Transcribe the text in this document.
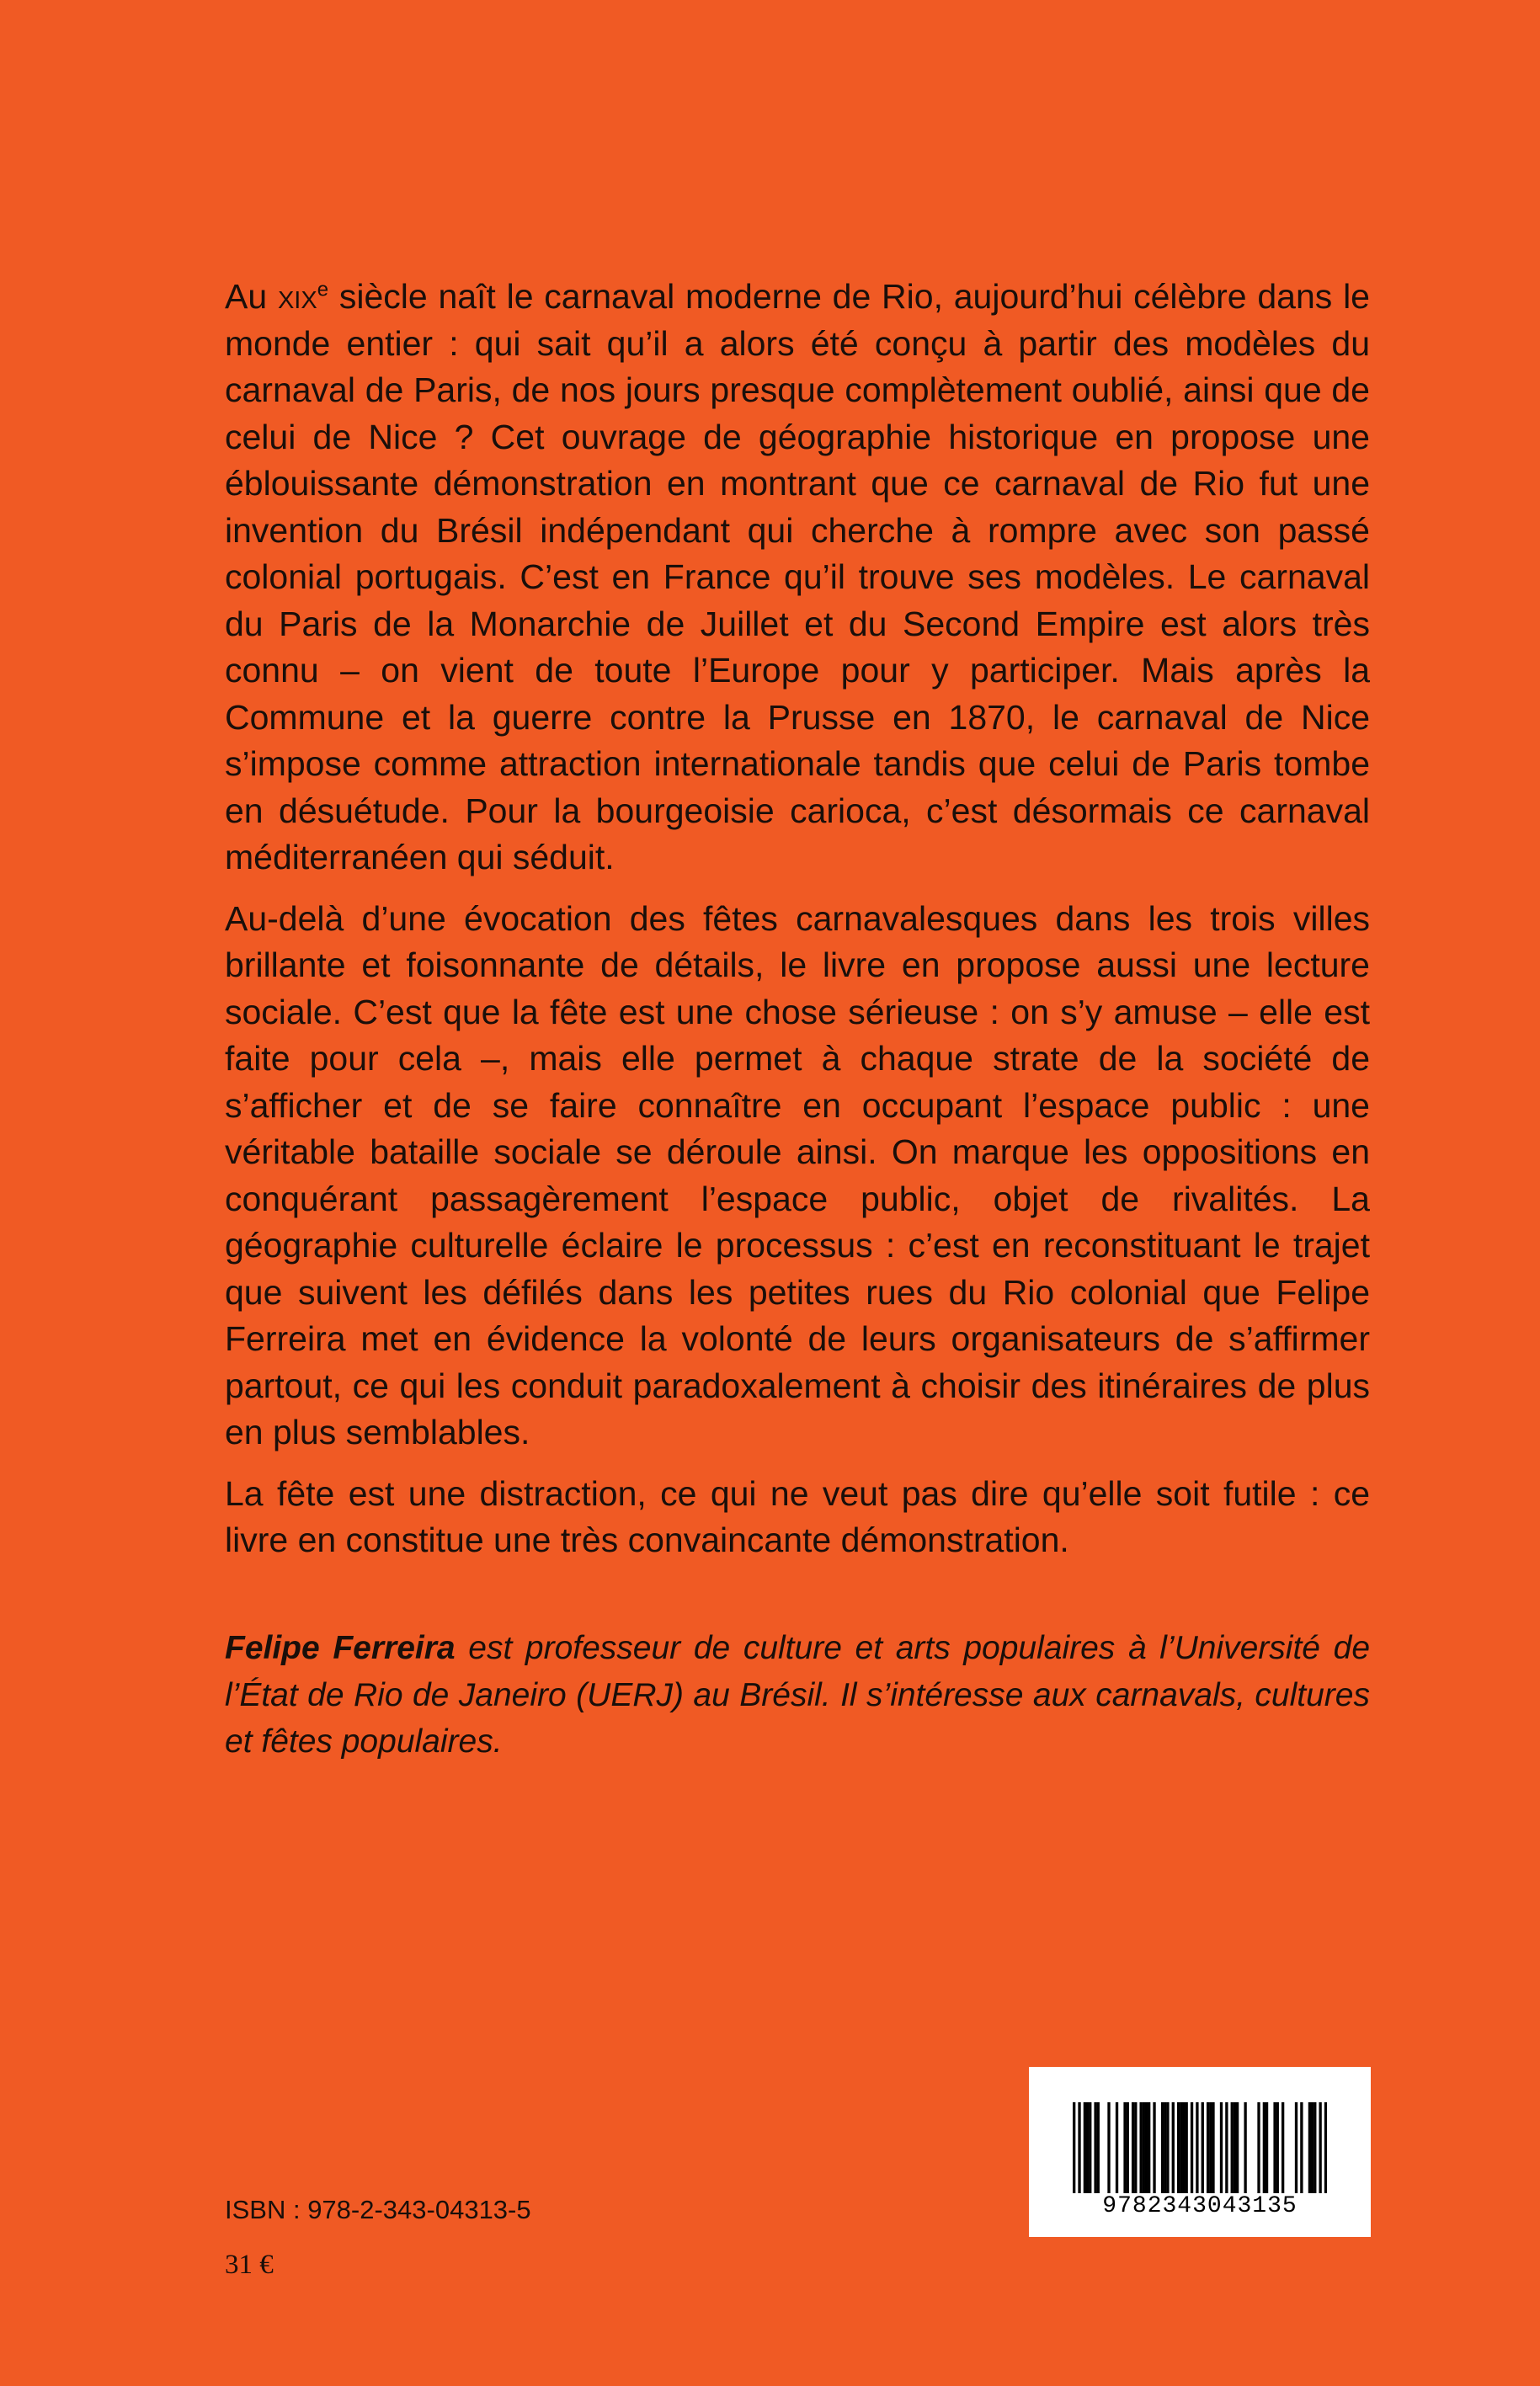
Au xix$^e$ siècle naît le carnaval moderne de Rio, aujourd’hui célèbre dans le monde entier : qui sait qu’il a alors été conçu à partir des modèles du carnaval de Paris, de nos jours presque complètement oublié, ainsi que de celui de Nice ? Cet ouvrage de géographie historique en propose une éblouissante démonstration en montrant que ce carnaval de Rio fut une invention du Brésil indépendant qui cherche à rompre avec son passé colonial portugais. C’est en France qu’il trouve ses modèles. Le carnaval du Paris de la Monarchie de Juillet et du Second Empire est alors très connu – on vient de toute l’Europe pour y participer. Mais après la Commune et la guerre contre la Prusse en 1870, le carnaval de Nice s’impose comme attraction internationale tandis que celui de Paris tombe en désuétude. Pour la bourgeoisie carioca, c’est désormais ce carnaval méditerranéen qui séduit.

Au-delà d’une évocation des fêtes carnavalesques dans les trois villes brillante et foisonnante de détails, le livre en propose aussi une lecture sociale. C’est que la fête est une chose sérieuse : on s’y amuse – elle est faite pour cela –, mais elle permet à chaque strate de la société de s’afficher et de se faire connaître en occupant l’espace public : une véritable bataille sociale se déroule ainsi. On marque les oppositions en conquérant passagèrement l’espace public, objet de rivalités. La géographie culturelle éclaire le processus : c’est en reconstituant le trajet que suivent les défilés dans les petites rues du Rio colonial que Felipe Ferreira met en évidence la volonté de leurs organisateurs de s’affirmer partout, ce qui les conduit paradoxalement à choisir des itinéraires de plus en plus semblables.

La fête est une distraction, ce qui ne veut pas dire qu’elle soit futile : ce livre en constitue une très convaincante démonstration.

Felipe Ferreira est professeur de culture et arts populaires à l’Université de l’État de Rio de Janeiro (UERJ) au Brésil. Il s’intéresse aux carnavals, cultures et fêtes populaires.
ISBN : 978-2-343-04313-5
31 €
9782343043135
